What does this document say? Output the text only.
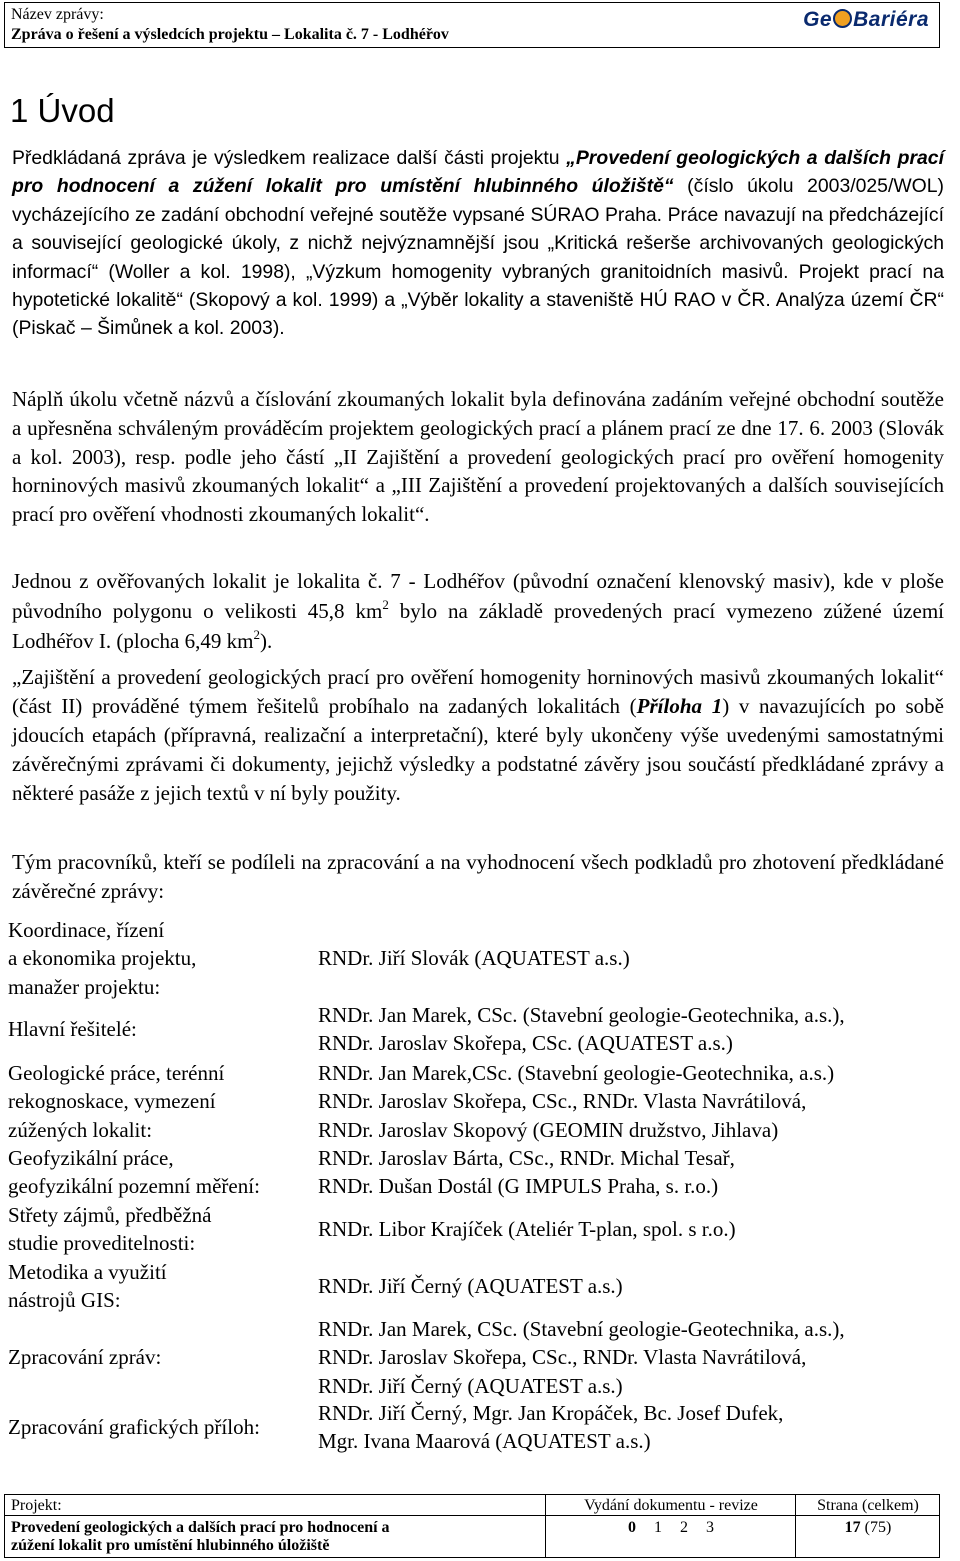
Název zprávy:
Zpráva o řešení a výsledcích projektu – Lokalita č. 7 - Lodhéřov
Ge Bariéra
1 Úvod

Předkládaná zpráva je výsledkem realizace další části projektu „Provedení geologických a dalších prací pro hodnocení a zúžení lokalit pro umístění hlubinného úložiště“ (číslo úkolu 2003/025/WOL) vycházejícího ze zadání obchodní veřejné soutěže vypsané SÚRAO Praha. Práce navazují na předcházející a související geologické úkoly, z nichž nejvýznamnější jsou „Kritická rešerše archivovaných geologických informací“ (Woller a kol. 1998), „Výzkum homogenity vybraných granitoidních masivů. Projekt prací na hypotetické lokalitě“ (Skopový a kol. 1999) a „Výběr lokality a staveniště HÚ RAO v ČR. Analýza území ČR“ (Piskač – Šimůnek a kol. 2003).

Náplň úkolu včetně názvů a číslování zkoumaných lokalit byla definována zadáním veřejné obchodní soutěže a upřesněna schváleným prováděcím projektem geologických prací a plánem prací ze dne 17. 6. 2003 (Slovák a kol. 2003), resp. podle jeho částí „II Zajištění a provedení geologických prací pro ověření homogenity horninových masivů zkoumaných lokalit“ a „III Zajištění a provedení projektovaných a dalších souvisejících prací pro ověření vhodnosti zkoumaných lokalit“.

Jednou z ověřovaných lokalit je lokalita č. 7 - Lodhéřov (původní označení klenovský masiv), kde v ploše původního polygonu o velikosti 45,8 $km^2$ bylo na základě provedených prací vymezeno zúžené území Lodhéřov I. (plocha 6,49 $km^2$).

„Zajištění a provedení geologických prací pro ověření homogenity horninových masivů zkoumaných lokalit“ (část II) prováděné týmem řešitelů probíhalo na zadaných lokalitách (Příloha 1) v navazujících po sobě jdoucích etapách (přípravná, realizační a interpretační), které byly ukončeny výše uvedenými samostatnými závěrečnými zprávami či dokumenty, jejichž výsledky a podstatné závěry jsou součástí předkládané zprávy a některé pasáže z jejich textů v ní byly použity.

Tým pracovníků, kteří se podíleli na zpracování a na vyhodnocení všech podkladů pro zhotovení předkládané závěrečné zprávy:

Koordinace, řízení
a ekonomika projektu,
manažer projektu:
RNDr. Jiří Slovák (AQUATEST a.s.)
Hlavní řešitelé:
RNDr. Jan Marek, CSc. (Stavební geologie-Geotechnika, a.s.),
RNDr. Jaroslav Skořepa, CSc. (AQUATEST a.s.)
Geologické práce, terénní
rekognoskace, vymezení
zúžených lokalit:
RNDr. Jan Marek,CSc. (Stavební geologie-Geotechnika, a.s.)
RNDr. Jaroslav Skořepa, CSc., RNDr. Vlasta Navrátilová,
RNDr. Jaroslav Skopový (GEOMIN družstvo, Jihlava)
Geofyzikální práce,
geofyzikální pozemní měření:
RNDr. Jaroslav Bárta, CSc., RNDr. Michal Tesař,
RNDr. Dušan Dostál (G IMPULS Praha, s. r.o.)
Střety zájmů, předběžná
studie proveditelnosti:
RNDr. Libor Krajíček (Ateliér T-plan, spol. s r.o.)
Metodika a využití
nástrojů GIS:
RNDr. Jiří Černý (AQUATEST a.s.)
Zpracování zpráv:
RNDr. Jan Marek, CSc. (Stavební geologie-Geotechnika, a.s.),
RNDr. Jaroslav Skořepa, CSc., RNDr. Vlasta Navrátilová,
RNDr. Jiří Černý (AQUATEST a.s.)
Zpracování grafických příloh:
RNDr. Jiří Černý, Mgr. Jan Kropáček, Bc. Josef Dufek,
Mgr. Ivana Maarová (AQUATEST a.s.)
Projekt:
Provedení geologických a dalších prací pro hodnocení a
zúžení lokalit pro umístění hlubinného úložiště
Vydání dokumentu - revize
0 1 2 3
Strana (celkem)
17 (75)
